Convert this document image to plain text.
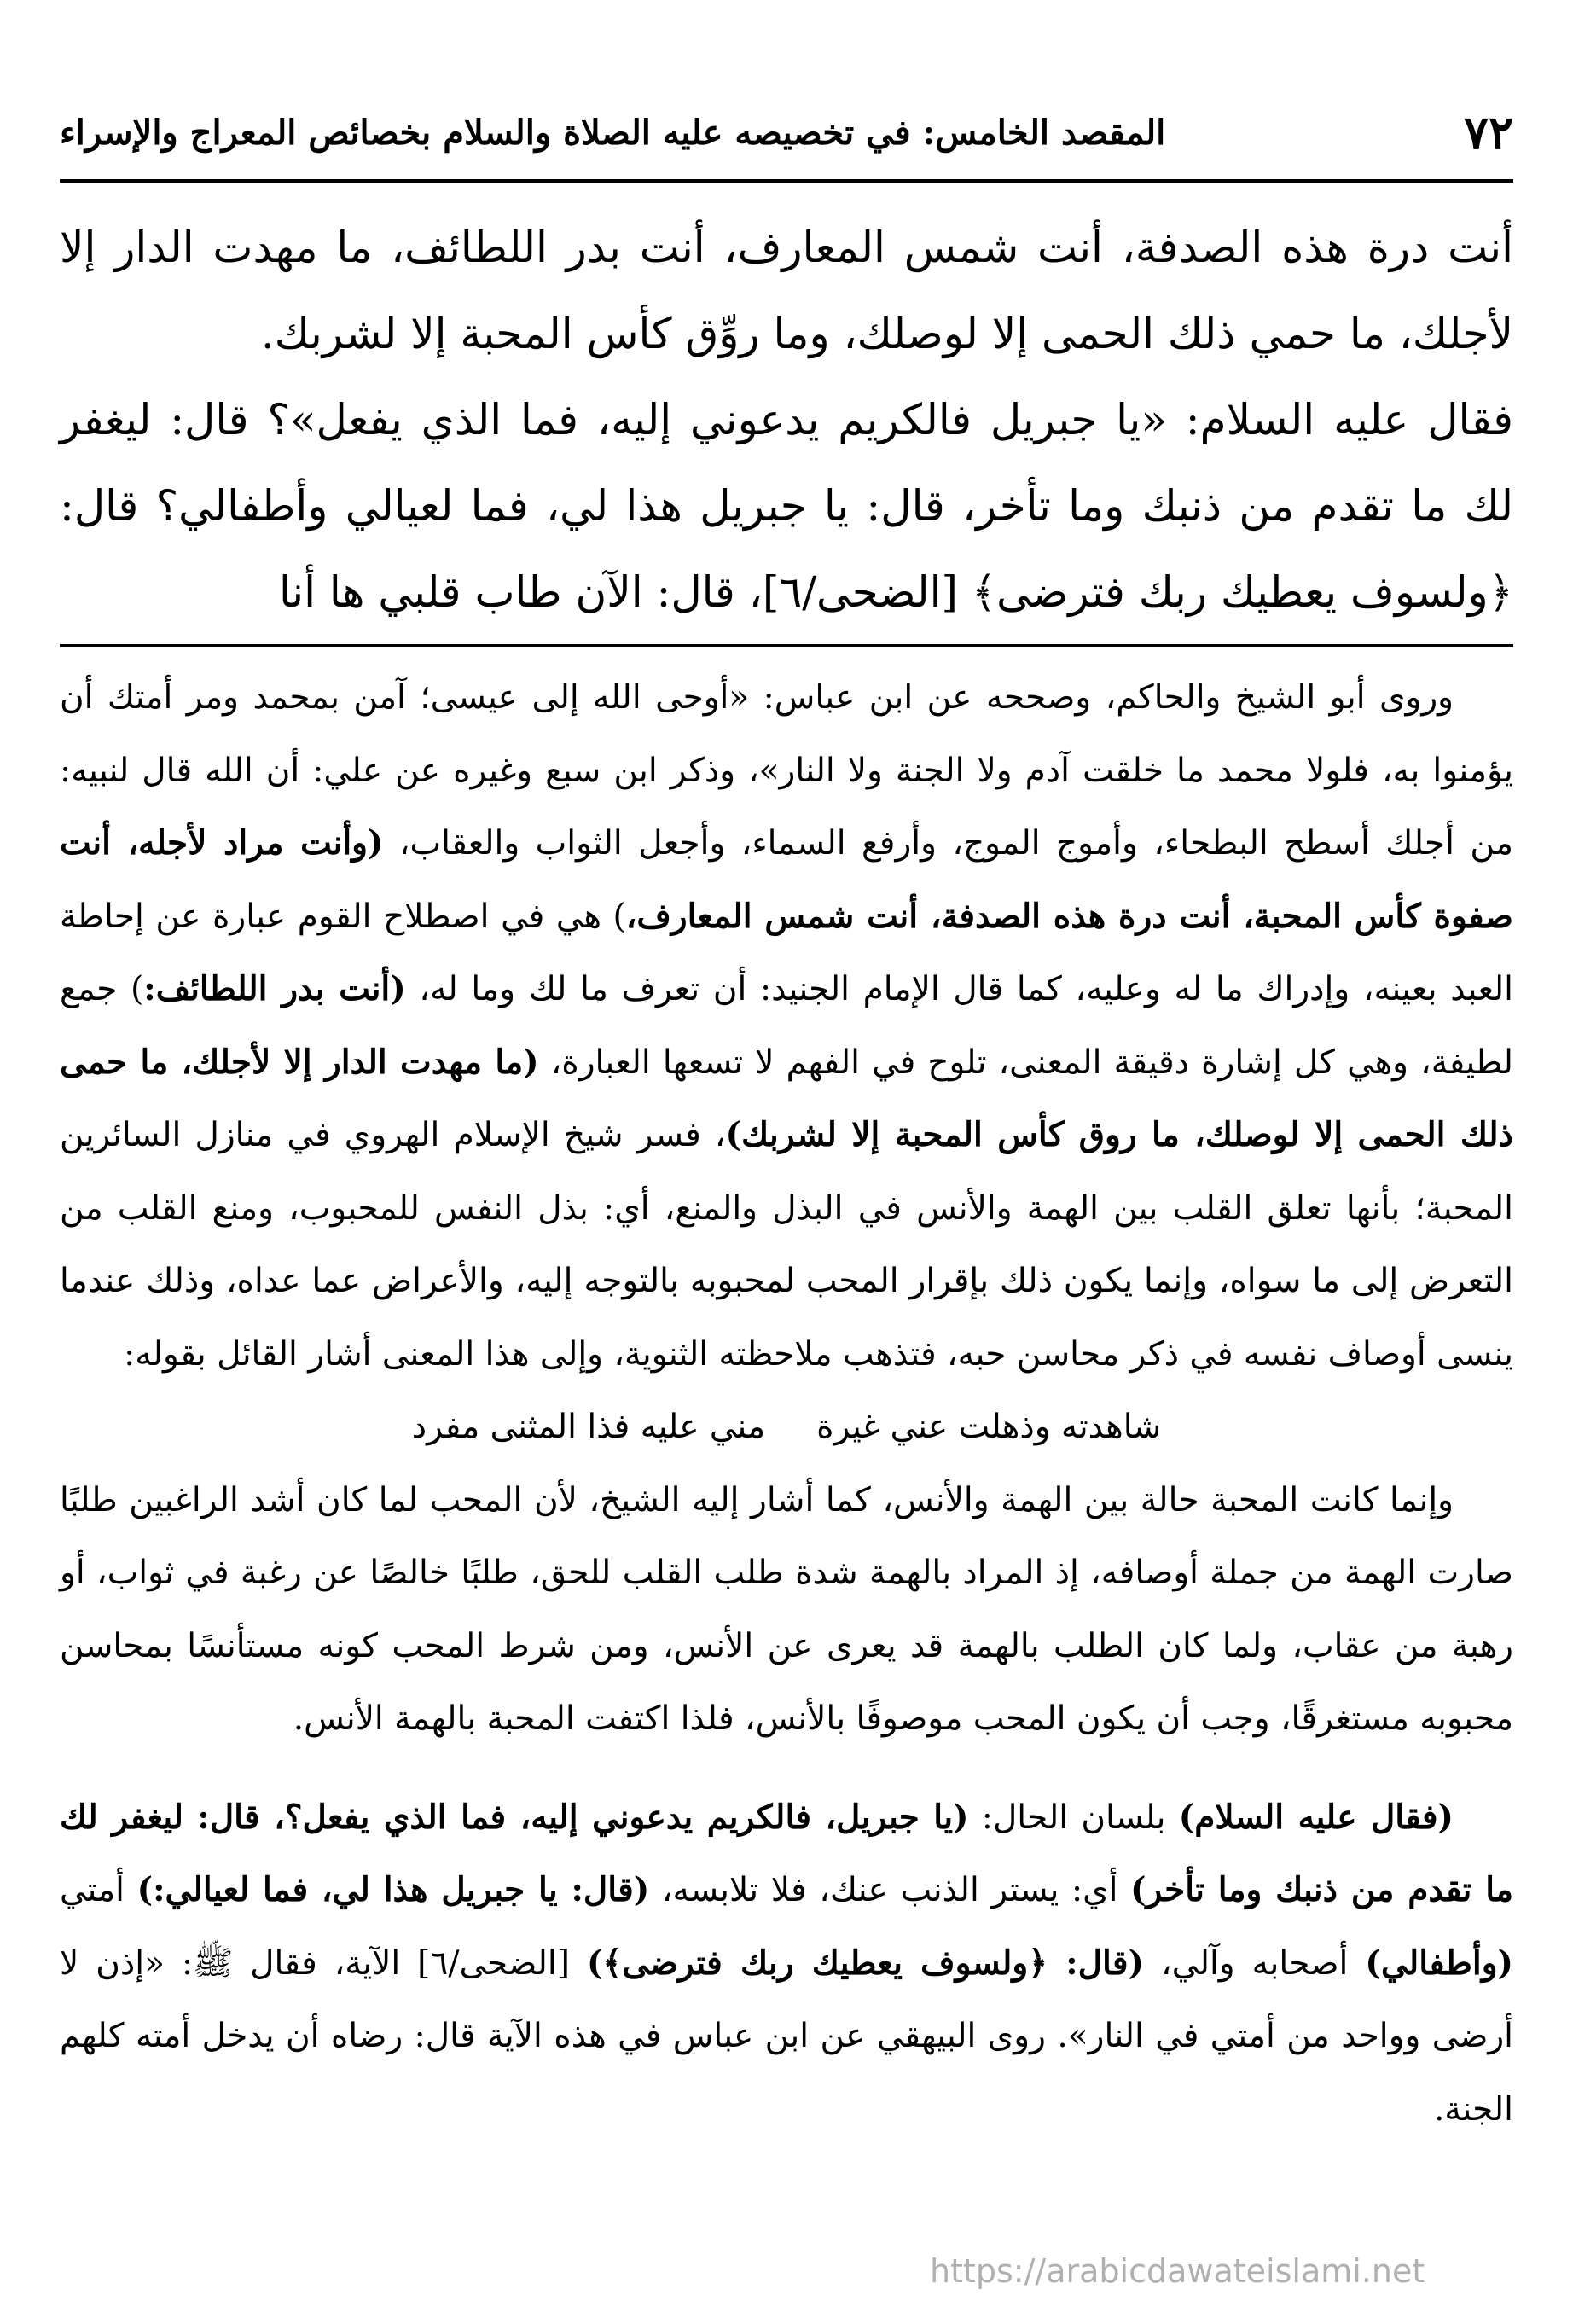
٧٢
المقصد الخامس: في تخصيصه عليه الصلاة والسلام بخصائص المعراج والإسراء

أنت درة هذه الصدفة، أنت شمس المعارف، أنت بدر اللطائف، ما مهدت الدار إلا لأجلك، ما حمي ذلك الحمى إلا لوصلك، وما روِّق كأس المحبة إلا لشربك.

فقال عليه السلام: «يا جبريل فالكريم يدعوني إليه، فما الذي يفعل»؟ قال: ليغفر لك ما تقدم من ذنبك وما تأخر، قال: يا جبريل هذا لي، فما لعيالي وأطفالي؟ قال: ﴿ولسوف يعطيك ربك فترضى﴾ [الضحى/٦]، قال: الآن طاب قلبي ها أنا

وروى أبو الشيخ والحاكم، وصححه عن ابن عباس: «أوحى الله إلى عيسى؛ آمن بمحمد ومر أمتك أن يؤمنوا به، فلولا محمد ما خلقت آدم ولا الجنة ولا النار»، وذكر ابن سبع وغيره عن علي: أن الله قال لنبيه: من أجلك أسطح البطحاء، وأموج الموج، وأرفع السماء، وأجعل الثواب والعقاب، (وأنت مراد لأجله، أنت صفوة كأس المحبة، أنت درة هذه الصدفة، أنت شمس المعارف،) هي في اصطلاح القوم عبارة عن إحاطة العبد بعينه، وإدراك ما له وعليه، كما قال الإمام الجنيد: أن تعرف ما لك وما له، (أنت بدر اللطائف:) جمع لطيفة، وهي كل إشارة دقيقة المعنى، تلوح في الفهم لا تسعها العبارة، (ما مهدت الدار إلا لأجلك، ما حمى ذلك الحمى إلا لوصلك، ما روق كأس المحبة إلا لشربك)، فسر شيخ الإسلام الهروي في منازل السائرين المحبة؛ بأنها تعلق القلب بين الهمة والأنس في البذل والمنع، أي: بذل النفس للمحبوب، ومنع القلب من التعرض إلى ما سواه، وإنما يكون ذلك بإقرار المحب لمحبوبه بالتوجه إليه، والأعراض عما عداه، وذلك عندما ينسى أوصاف نفسه في ذكر محاسن حبه، فتذهب ملاحظته الثنوية، وإلى هذا المعنى أشار القائل بقوله:

شاهدته وذهلت عني غيرة
مني عليه فذا المثنى مفرد

وإنما كانت المحبة حالة بين الهمة والأنس، كما أشار إليه الشيخ، لأن المحب لما كان أشد الراغبين طلبًا صارت الهمة من جملة أوصافه، إذ المراد بالهمة شدة طلب القلب للحق، طلبًا خالصًا عن رغبة في ثواب، أو رهبة من عقاب، ولما كان الطلب بالهمة قد يعرى عن الأنس، ومن شرط المحب كونه مستأنسًا بمحاسن محبوبه مستغرقًا، وجب أن يكون المحب موصوفًا بالأنس، فلذا اكتفت المحبة بالهمة الأنس.

(فقال عليه السلام) بلسان الحال: (يا جبريل، فالكريم يدعوني إليه، فما الذي يفعل؟، قال: ليغفر لك ما تقدم من ذنبك وما تأخر) أي: يستر الذنب عنك، فلا تلابسه، (قال: يا جبريل هذا لي، فما لعيالي:) أمتي (وأطفالي) أصحابه وآلي، (قال: ﴿ولسوف يعطيك ربك فترضى﴾) [الضحى/٦] الآية، فقال ﷺ: «إذن لا أرضى وواحد من أمتي في النار». روى البيهقي عن ابن عباس في هذه الآية قال: رضاه أن يدخل أمته كلهم الجنة.

https://arabicdawateislami.net
